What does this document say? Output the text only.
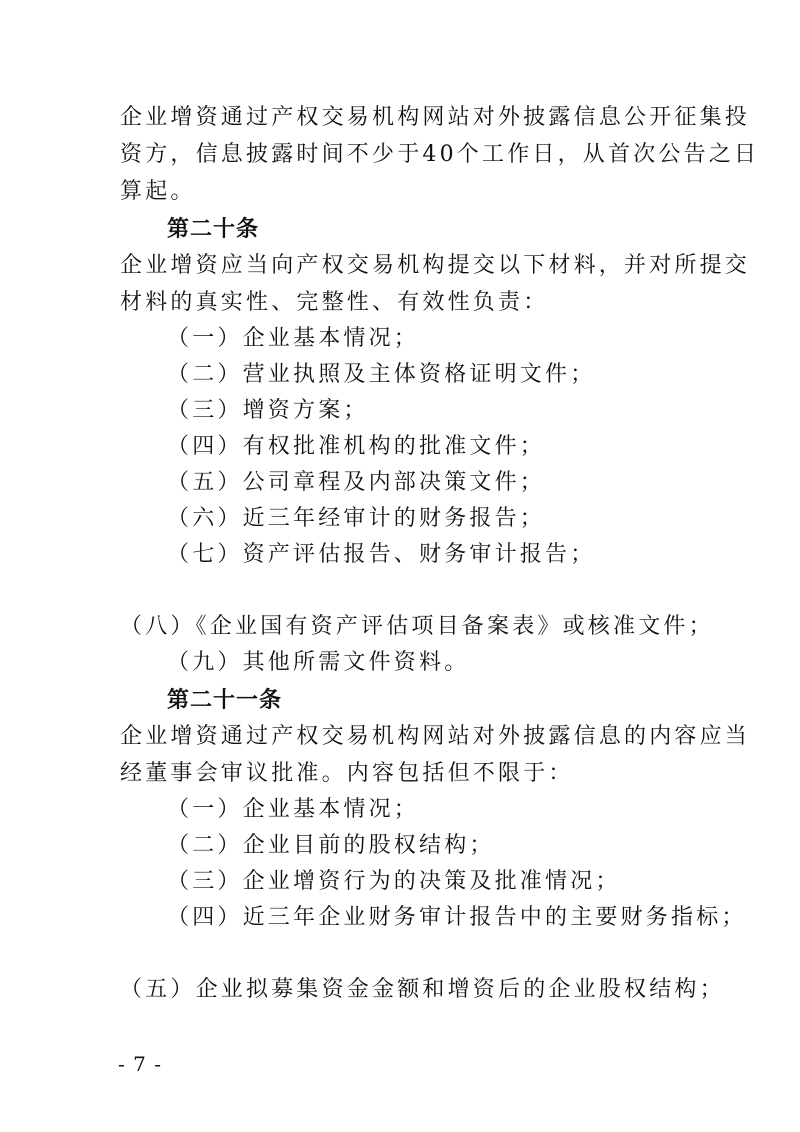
企业增资通过产权交易机构网站对外披露信息公开征集投
资方，信息披露时间不少于40个工作日，从首次公告之日
算起。
第二十条
企业增资应当向产权交易机构提交以下材料，并对所提交
材料的真实性、完整性、有效性负责：
（一）企业基本情况；
（二）营业执照及主体资格证明文件；
（三）增资方案；
（四）有权批准机构的批准文件；
（五）公司章程及内部决策文件；
（六）近三年经审计的财务报告；
（七）资产评估报告、财务审计报告；
（八）《企业国有资产评估项目备案表》或核准文件；
（九）其他所需文件资料。
第二十一条
企业增资通过产权交易机构网站对外披露信息的内容应当
经董事会审议批准。内容包括但不限于：
（一）企业基本情况；
（二）企业目前的股权结构；
（三）企业增资行为的决策及批准情况；
（四）近三年企业财务审计报告中的主要财务指标；
（五）企业拟募集资金金额和增资后的企业股权结构；
- 7 -
